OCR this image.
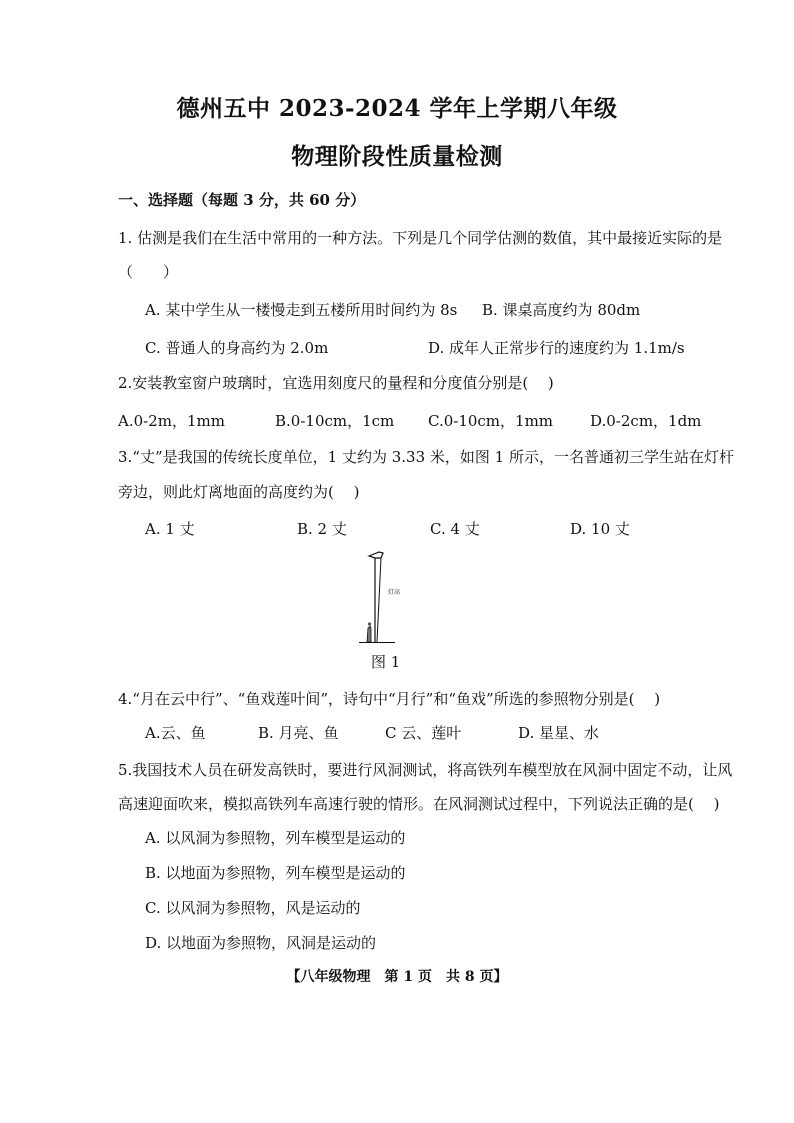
德州五中 2023-2024 学年上学期八年级
物理阶段性质量检测
一、选择题（每题 3 分，共 60 分）
1. 估测是我们在生活中常用的一种方法。下列是几个同学估测的数值，其中最接近实际的是
（　　）
A. 某中学生从一楼慢走到五楼所用时间约为 8s B. 课桌高度约为 80dm
C. 普通人的身高约为 2.0m	D. 成年人正常步行的速度约为 1.1m/s
2.安装教室窗户玻璃时，宜选用刻度尺的量程和分度值分别是(　 )
A.0-2m，1mm	B.0-10cm，1cm C.0-10cm，1mm D.0-2cm，1dm
3.“丈”是我国的传统长度单位，1 丈约为 3.33 米，如图 1 所示，一名普通初三学生站在灯杆
旁边，则此灯离地面的高度约为(　 )
A. 1 丈	B. 2 丈	C. 4 丈	D. 10 丈
灯高
图 1
4.“月在云中行”、“鱼戏莲叶间”，诗句中“月行”和“鱼戏”所选的参照物分别是(　 )
A.云、鱼	B. 月亮、鱼	C 云、莲叶	D. 星星、水
5.我国技术人员在研发高铁时，要进行风洞测试，将高铁列车模型放在风洞中固定不动，让风
高速迎面吹来，模拟高铁列车高速行驶的情形。在风洞测试过程中，下列说法正确的是(　 )
A. 以风洞为参照物，列车模型是运动的
B. 以地面为参照物，列车模型是运动的
C. 以风洞为参照物，风是运动的
D. 以地面为参照物，风洞是运动的
【八年级物理　第 1 页　共 8 页】
